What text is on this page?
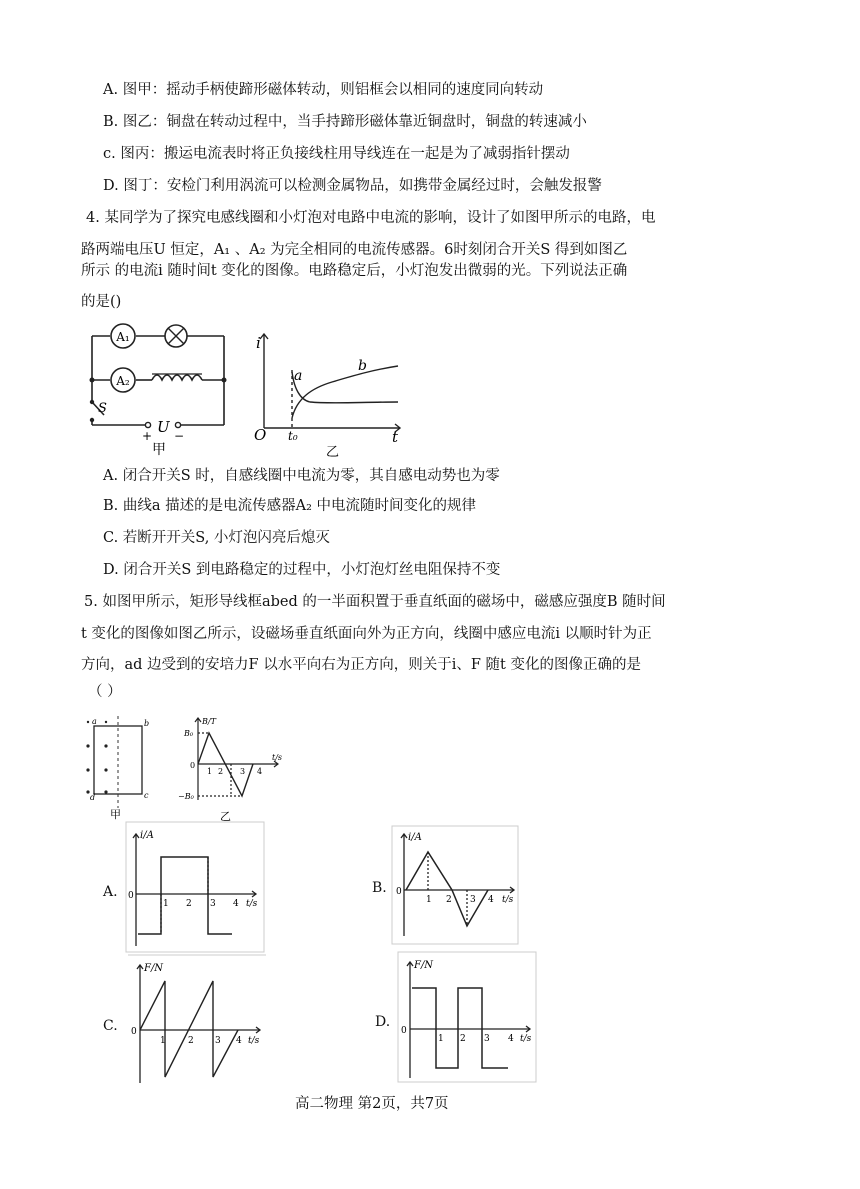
A. 图甲：摇动手柄使蹄形磁体转动，则铝框会以相同的速度同向转动
B. 图乙：铜盘在转动过程中，当手持蹄形磁体靠近铜盘时，铜盘的转速减小
c. 图丙：搬运电流表时将正负接线柱用导线连在一起是为了减弱指针摆动
D. 图丁：安检门利用涡流可以检测金属物品，如携带金属经过时，会触发报警
4. 某同学为了探究电感线圈和小灯泡对电路中电流的影响，设计了如图甲所示的电路，电
路两端电压U 恒定，A₁ 、A₂ 为完全相同的电流传感器。6时刻闭合开关S 得到如图乙
所示 的电流i 随时间t 变化的图像。电路稳定后，小灯泡发出微弱的光。下列说法正确
的是()
A₁
A₂
S
U
+ −
甲
i
t
O t₀
a
b
乙
A. 闭合开关S 时，自感线圈中电流为零，其自感电动势也为零
B. 曲线a 描述的是电流传感器A₂ 中电流随时间变化的规律
C. 若断开开关S, 小灯泡闪亮后熄灭
D. 闭合开关S 到电路稳定的过程中，小灯泡灯丝电阻保持不变
5. 如图甲所示，矩形导线框abed 的一半面积置于垂直纸面的磁场中，磁感应强度B 随时间
t 变化的图像如图乙所示，设磁场垂直纸面向外为正方向，线圈中感应电流i 以顺时针为正
方向，ad 边受到的安培力F 以水平向右为正方向，则关于i、F 随t 变化的图像正确的是
（ ）
a	b
c
d
甲
B/T
B₀
−B₀
0
1 2 3 4
t/s
乙
A.
i/A
0
1 2 3 4 t/s
B.
i/A
0
1 2 3 4 t/s
C.
F/N
0
1 2 3 4 t/s
D.
F/N
0
1 2 3 4 t/s
高二物理 第2页，共7页
